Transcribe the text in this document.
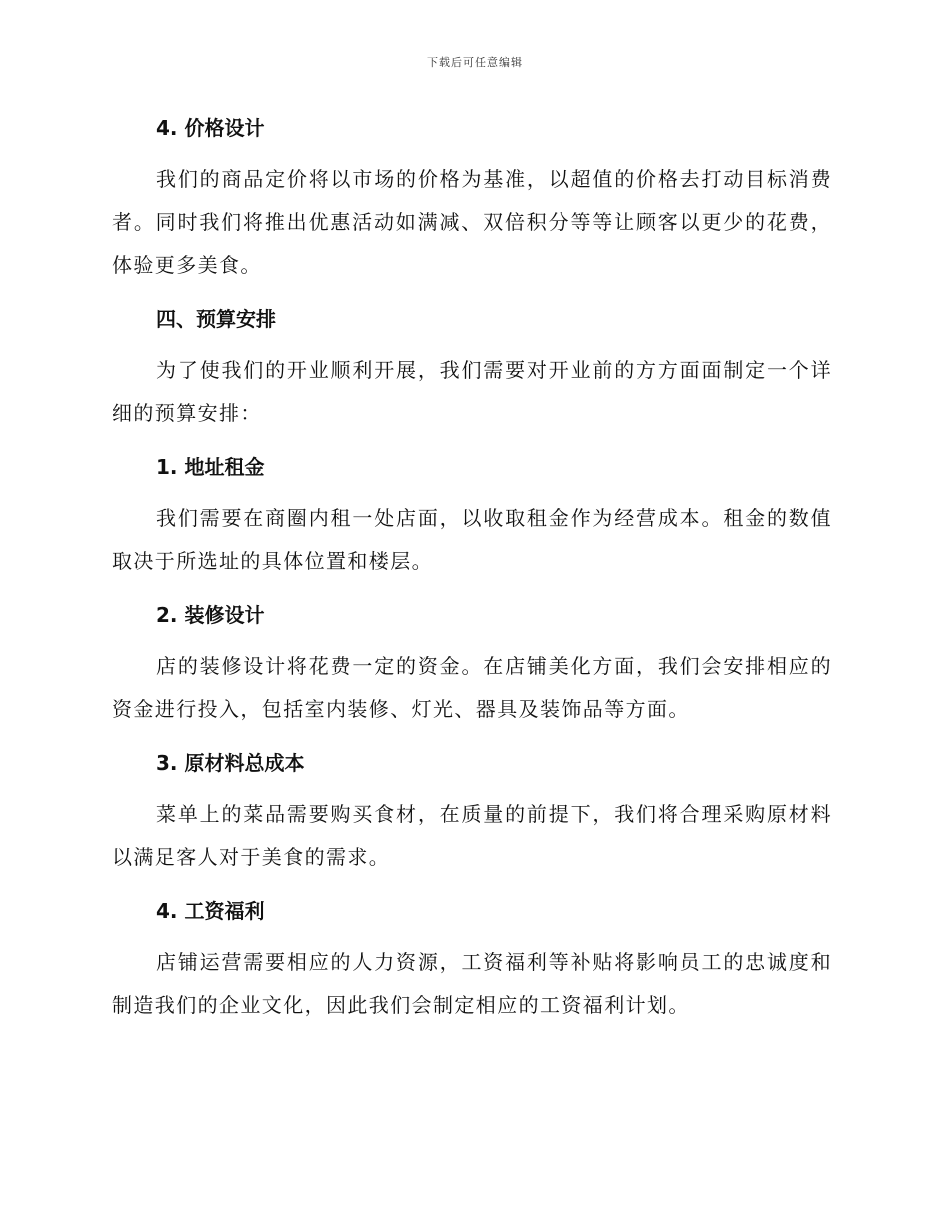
下载后可任意编辑
4. 价格设计

我们的商品定价将以市场的价格为基准，以超值的价格去打动目标消费者。同时我们将推出优惠活动如满减、双倍积分等等让顾客以更少的花费，体验更多美食。

四、预算安排

为了使我们的开业顺利开展，我们需要对开业前的方方面面制定一个详细的预算安排：

1. 地址租金

我们需要在商圈内租一处店面，以收取租金作为经营成本。租金的数值取决于所选址的具体位置和楼层。

2. 装修设计

店的装修设计将花费一定的资金。在店铺美化方面，我们会安排相应的资金进行投入，包括室内装修、灯光、器具及装饰品等方面。

3. 原材料总成本

菜单上的菜品需要购买食材，在质量的前提下，我们将合理采购原材料以满足客人对于美食的需求。

4. 工资福利

店铺运营需要相应的人力资源，工资福利等补贴将影响员工的忠诚度和制造我们的企业文化，因此我们会制定相应的工资福利计划。
